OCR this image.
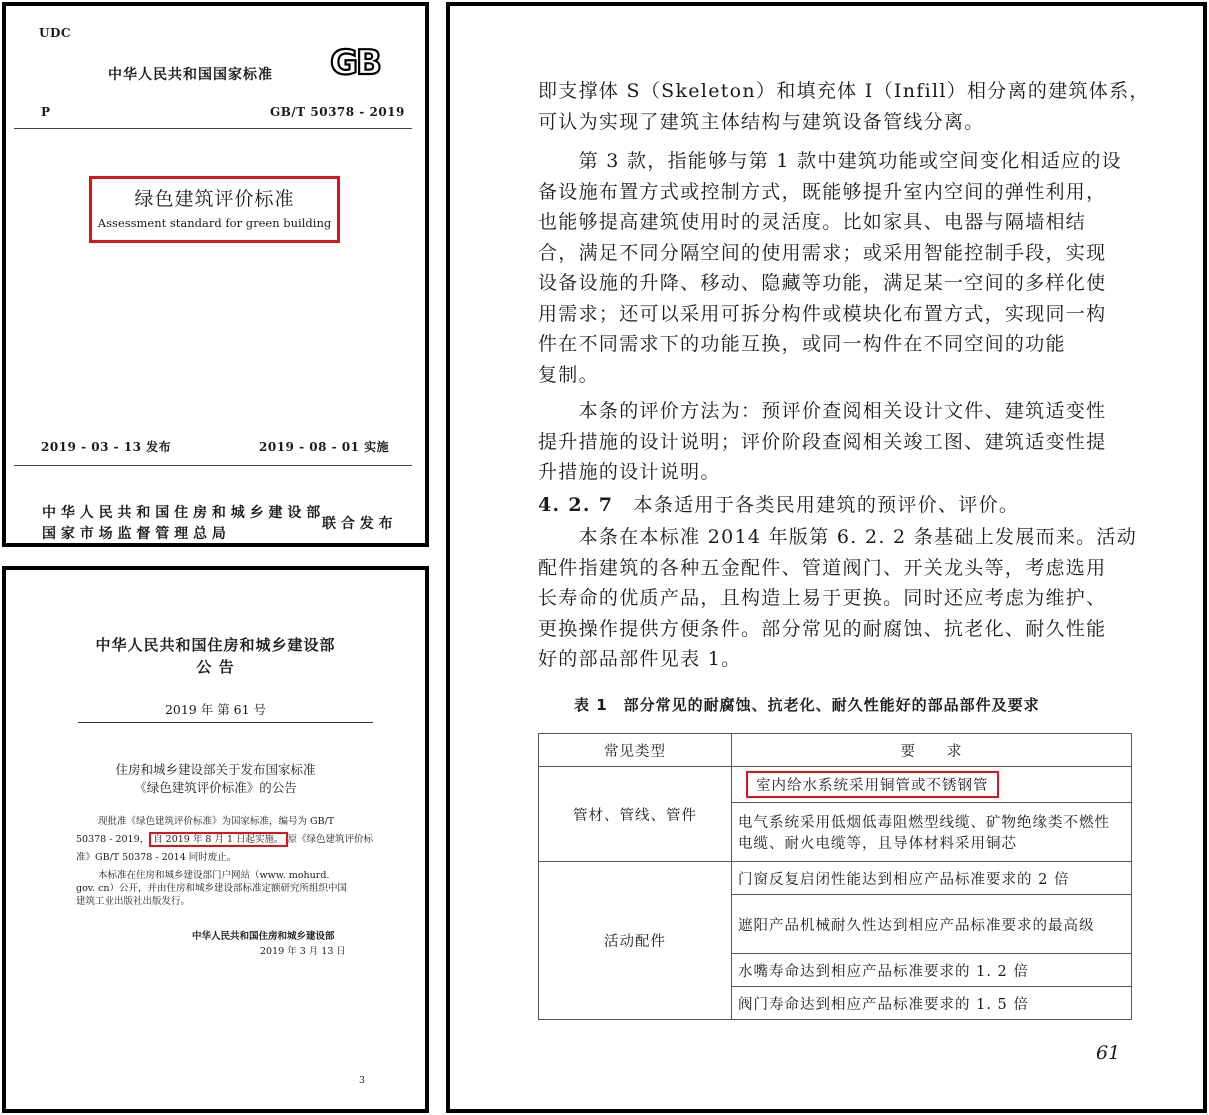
UDC
中华人民共和国国家标准 GB
P	GB/T 50378 - 2019
绿色建筑评价标准
Assessment standard for green building
2019 - 03 - 13 发布	2019 - 08 - 01 实施
中 华 人 民 共 和 国 住 房 和 城 乡 建 设 部
国 家 市 场 监 督 管 理 总 局
联 合 发 布
中华人民共和国住房和城乡建设部
公 告
2019 年 第 61 号
住房和城乡建设部关于发布国家标准
《绿色建筑评价标准》的公告
现批准《绿色建筑评价标准》为国家标准，编号为 GB/T
50378 - 2019， 自 2019 年 8 月 1 日起实施。 原《绿色建筑评价标
准》GB/T 50378 - 2014 同时废止。
本标准在住房和城乡建设部门户网站（www. mohurd.
gov. cn）公开，并由住房和城乡建设部标准定额研究所组织中国
建筑工业出版社出版发行。
中华人民共和国住房和城乡建设部
2019 年 3 月 13 日
3
即支撑体 S（Skeleton）和填充体 I（Infill）相分离的建筑体系，
可认为实现了建筑主体结构与建筑设备管线分离。
　　第 3 款，指能够与第 1 款中建筑功能或空间变化相适应的设
备设施布置方式或控制方式，既能够提升室内空间的弹性利用，
也能够提高建筑使用时的灵活度。比如家具、电器与隔墙相结
合，满足不同分隔空间的使用需求；或采用智能控制手段，实现
设备设施的升降、移动、隐藏等功能，满足某一空间的多样化使
用需求；还可以采用可拆分构件或模块化布置方式，实现同一构
件在不同需求下的功能互换，或同一构件在不同空间的功能
复制。
　　本条的评价方法为：预评价查阅相关设计文件、建筑适变性
提升措施的设计说明；评价阶段查阅相关竣工图、建筑适变性提
升措施的设计说明。
4. 2. 7　本条适用于各类民用建筑的预评价、评价。
　　本条在本标准 2014 年版第 6. 2. 2 条基础上发展而来。活动
配件指建筑的各种五金配件、管道阀门、开关龙头等，考虑选用
长寿命的优质产品，且构造上易于更换。同时还应考虑为维护、
更换操作提供方便条件。部分常见的耐腐蚀、抗老化、耐久性能
好的部品部件见表 1。
表 1　部分常见的耐腐蚀、抗老化、耐久性能好的部品部件及要求
常见类型	要　　求
管材、管线、管件	室内给水系统采用铜管或不锈钢管
	电气系统采用低烟低毒阻燃型线缆、矿物绝缘类不燃性电缆、耐火电缆等，且导体材料采用铜芯
活动配件	门窗反复启闭性能达到相应产品标准要求的 2 倍
	遮阳产品机械耐久性达到相应产品标准要求的最高级
	水嘴寿命达到相应产品标准要求的 1. 2 倍
	阀门寿命达到相应产品标准要求的 1. 5 倍
61
